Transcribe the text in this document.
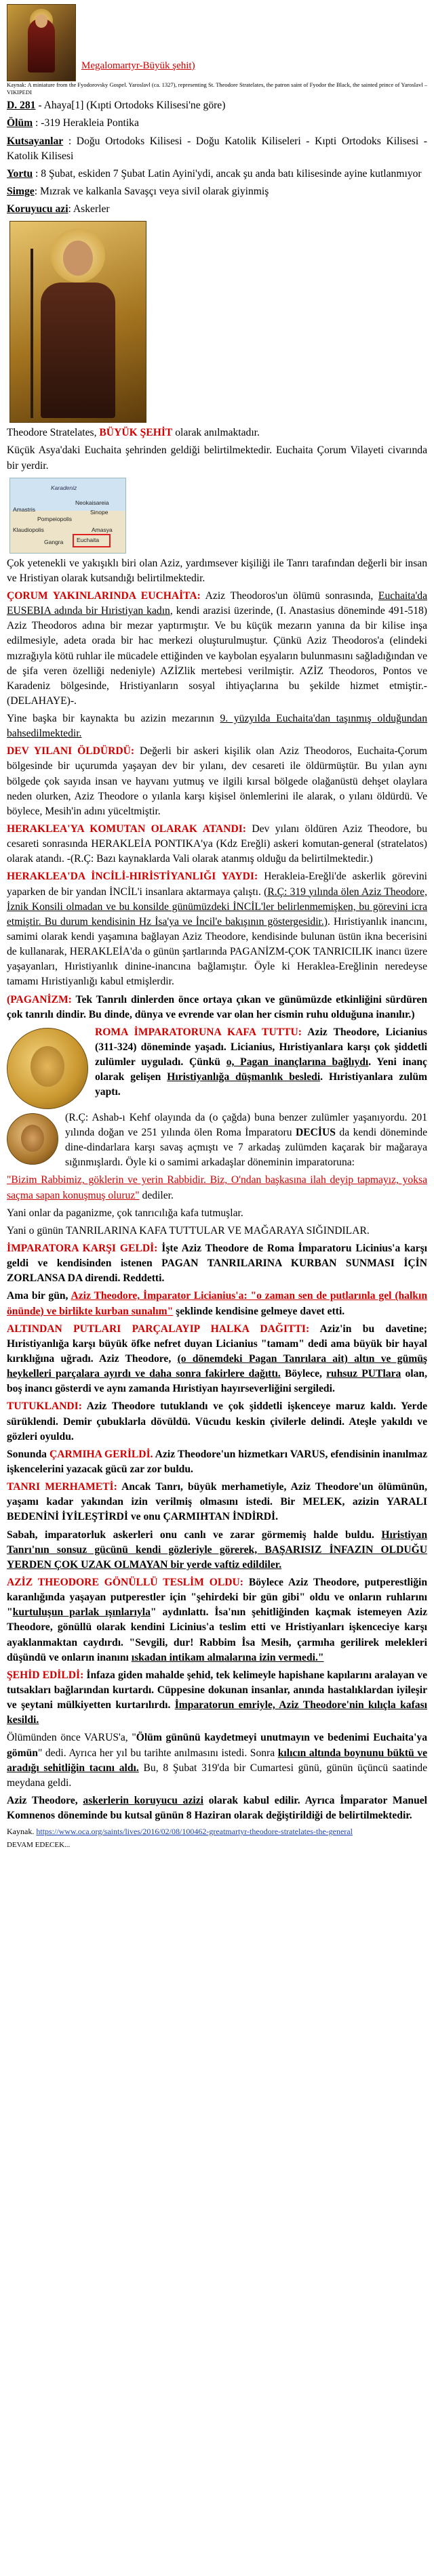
Megalomartyr-Büyük şehit)

Kaynak: A miniature from the Fyodorovsky Gospel. Yaroslavl (ca. 1327), representing St. Theodore Stratelates, the patron saint of Fyodor the Black, the sainted prince of Yaroslavl – VIKIPEDI

D. 281 - Ahaya[1] (Kıpti Ortodoks Kilisesi'ne göre)

Ölüm : -319 Herakleia Pontika

Kutsayanlar : Doğu Ortodoks Kilisesi - Doğu Katolik Kiliseleri - Kıpti Ortodoks Kilisesi - Katolik Kilisesi

Yortu : 8 Şubat, eskiden 7 Şubat Latin Ayini'ydi, ancak şu anda batı kilisesinde ayine kutlanmıyor

Simge: Mızrak ve kalkanla Savaşçı veya sivil olarak giyinmiş

Koruyucu azi: Askerler

Theodore Stratelates, BÜYÜK ŞEHİT olarak anılmaktadır.

Küçük Asya'daki Euchaita şehrinden geldiği belirtilmektedir. Euchaita Çorum Vilayeti civarında bir yerdir.

Karadeniz
Amastris
Neokaisareia
Pompeiopolis
Sinope
Klaudiopolis	Amasya
Gangra Euchaita

Çok yetenekli ve yakışıklı biri olan Aziz, yardımsever kişiliği ile Tanrı tarafından değerli bir insan ve Hristiyan olarak kutsandığı belirtilmektedir.

ÇORUM YAKINLARINDA EUCHAİTA: Aziz Theodoros'un ölümü sonrasında, Euchaita'da EUSEBIA adında bir Hıristiyan kadın, kendi arazisi üzerinde, (I. Anastasius döneminde 491-518) Aziz Theodoros adına bir mezar yaptırmıştır. Ve bu küçük mezarın yanına da bir kilise inşa edilmesiyle, adeta orada bir hac merkezi oluşturulmuştur. Çünkü Aziz Theodoros'a (elindeki mızrağıyla kötü ruhlar ile mücadele ettiğinden ve kaybolan eşyaların bulunmasını sağladığından ve de şifa veren özelliği nedeniyle) AZİZlik mertebesi verilmiştir. AZİZ Theodoros, Pontos ve Karadeniz bölgesinde, Hristiyanların sosyal ihtiyaçlarına bu şekilde hizmet etmiştir.-(DELAHAYE)-.

Yine başka bir kaynakta bu azizin mezarının 9. yüzyılda Euchaita'dan taşınmış olduğundan bahsedilmektedir.

DEV YILANI ÖLDÜRDÜ: Değerli bir askeri kişilik olan Aziz Theodoros, Euchaita-Çorum bölgesinde bir uçurumda yaşayan dev bir yılanı, dev cesareti ile öldürmüştür. Bu yılan aynı bölgede çok sayıda insan ve hayvanı yutmuş ve ilgili kırsal bölgede olağanüstü dehşet olaylara neden olurken, Aziz Theodore o yılanla karşı kişisel önlemlerini ile alarak, o yılanı öldürdü. Ve böylece, Mesih'in adını yüceltmiştir.

HERAKLEA'YA KOMUTAN OLARAK ATANDI: Dev yılanı öldüren Aziz Theodore, bu cesareti sonrasında HERAKLEİA PONTIKA'ya (Kdz Ereğli) askeri komutan-general (stratelatos) olarak atandı. -(R.Ç: Bazı kaynaklarda Vali olarak atanmış olduğu da belirtilmektedir.)

HERAKLEA'DA İNCİLİ-HIRİSTİYANLIĞI YAYDI: Herakleia-Ereğli'de askerlik görevini yaparken de bir yandan İNCİL'i insanlara aktarmaya çalıştı. (R.Ç: 319 yılında ölen Aziz Theodore, İznik Konsili olmadan ve bu konsilde günümüzdeki İNCİL'ler belirlenmemişken, bu görevini icra etmiştir. Bu durum kendisinin Hz İsa'ya ve İncil'e bakışının göstergesidir.). Hıristiyanlık inancını, samimi olarak kendi yaşamına bağlayan Aziz Theodore, kendisinde bulunan üstün ikna becerisini de kullanarak, HERAKLEİA'da o günün şartlarında PAGANİZM-ÇOK TANRICILIK inancı üzere yaşayanları, Hıristiyanlık dinine-inancına bağlamıştır. Öyle ki Heraklea-Ereğlinin neredeyse tamamı Hıristiyanlığı kabul etmişlerdir.

(PAGANİZM: Tek Tanrılı dinlerden önce ortaya çıkan ve günümüzde etkinliğini sürdüren çok tanrılı dindir. Bu dinde, dünya ve evrende var olan her cismin ruhu olduğuna inanılır.)

ROMA İMPARATORUNA KAFA TUTTU: Aziz Theodore, Licianius (311-324) döneminde yaşadı. Licianius, Hıristiyanlara karşı çok şiddetli zulümler uyguladı. Çünkü o, Pagan inançlarına bağlıydı. Yeni inanç olarak gelişen Hıristiyanlığa düşmanlık besledi. Hıristiyanlara zulüm yaptı.

(R.Ç: Ashab-ı Kehf olayında da (o çağda) buna benzer zulümler yaşanıyordu. 201 yılında doğan ve 251 yılında ölen Roma İmparatoru DECİUS da kendi döneminde dine-dindarlara karşı savaş açmıştı ve 7 arkadaş zulümden kaçarak bir mağaraya sığınmışlardı. Öyle ki o samimi arkadaşlar döneminin imparatoruna:

"Bizim Rabbimiz, göklerin ve yerin Rabbidir. Biz, O'ndan başkasına ilah deyip tapmayız, yoksa saçma sapan konuşmuş oluruz" dediler.

Yani onlar da paganizme, çok tanrıcılığa kafa tutmuşlar.

Yani o günün TANRILARINA KAFA TUTTULAR VE MAĞARAYA SIĞINDILAR.

İMPARATORA KARŞI GELDİ: İşte Aziz Theodore de Roma İmparatoru Licinius'a karşı geldi ve kendisinden istenen PAGAN TANRILARINA KURBAN SUNMASI İÇİN ZORLANSA DA direndi. Reddetti.

Ama bir gün, Aziz Theodore, İmparator Licianius'a: "o zaman sen de putlarınla gel (halkın önünde) ve birlikte kurban sunalım" şeklinde kendisine gelmeye davet etti.

ALTINDAN PUTLARI PARÇALAYIP HALKA DAĞITTI: Aziz'in bu davetine; Hıristiyanlığa karşı büyük öfke nefret duyan Licianius "tamam" dedi ama büyük bir hayal kırıklığına uğradı. Aziz Theodore, (o dönemdeki Pagan Tanrılara ait) altın ve gümüş heykelleri parçalara ayırdı ve daha sonra fakirlere dağıttı. Böylece, ruhsuz PUTlara olan, boş inancı gösterdi ve aynı zamanda Hıristiyan hayırseverliğini sergiledi.

TUTUKLANDI: Aziz Theodore tutuklandı ve çok şiddetli işkenceye maruz kaldı. Yerde sürüklendi. Demir çubuklarla dövüldü. Vücudu keskin çivilerle delindi. Ateşle yakıldı ve gözleri oyuldu.

Sonunda ÇARMIHA GERİLDİ. Aziz Theodore'un hizmetkarı VARUS, efendisinin inanılmaz işkencelerini yazacak gücü zar zor buldu.

TANRI MERHAMETİ: Ancak Tanrı, büyük merhametiyle, Aziz Theodore'un ölümünün, yaşamı kadar yakından izin verilmiş olmasını istedi. Bir MELEK, azizin YARALI BEDENİNİ İYİLEŞTİRDİ ve onu ÇARMIHTAN İNDİRDİ.

Sabah, imparatorluk askerleri onu canlı ve zarar görmemiş halde buldu. Hıristiyan Tanrı'nın sonsuz gücünü kendi gözleriyle görerek, BAŞARISIZ İNFAZIN OLDUĞU YERDEN ÇOK UZAK OLMAYAN bir yerde vaftiz edildiler.

AZİZ THEODORE GÖNÜLLÜ TESLİM OLDU: Böylece Aziz Theodore, putperestliğin karanlığında yaşayan putperestler için "şehirdeki bir gün gibi" oldu ve onların ruhlarını "kurtuluşun parlak ışınlarıyla" aydınlattı. İsa'nın şehitliğinden kaçmak istemeyen Aziz Theodore, gönüllü olarak kendini Licinius'a teslim etti ve Hristiyanları işkenceciye karşı ayaklanmaktan caydırdı. "Sevgili, dur! Rabbim İsa Mesih, çarmıha gerilirek melekleri düşündü ve onların inanını ıskadan intikam almalarına izin vermedi."

ŞEHİD EDİLDİ: İnfaza giden mahalde şehid, tek kelimeyle hapishane kapılarını aralayan ve tutsakları bağlarından kurtardı. Cüppesine dokunan insanlar, anında hastalıklardan iyileşir ve şeytani mülkiyetten kurtarılırdı. İmparatorun emriyle, Aziz Theodore'nin kılıçla kafası kesildi.

Ölümünden önce VARUS'a, "Ölüm gününü kaydetmeyi unutmayın ve bedenimi Euchaita'ya gömün" dedi. Ayrıca her yıl bu tarihte anılmasını istedi. Sonra kılıcın altında boynunu büktü ve aradığı sehitliğin tacını aldı. Bu, 8 Şubat 319'da bir Cumartesi günü, günün üçüncü saatinde meydana geldi.

Aziz Theodore, askerlerin koruyucu azizi olarak kabul edilir. Ayrıca İmparator Manuel Komnenos döneminde bu kutsal günün 8 Haziran olarak değiştirildiği de belirtilmektedir.

Kaynak. https://www.oca.org/saints/lives/2016/02/08/100462-greatmartyr-theodore-stratelates-the-general

DEVAM EDECEK...
